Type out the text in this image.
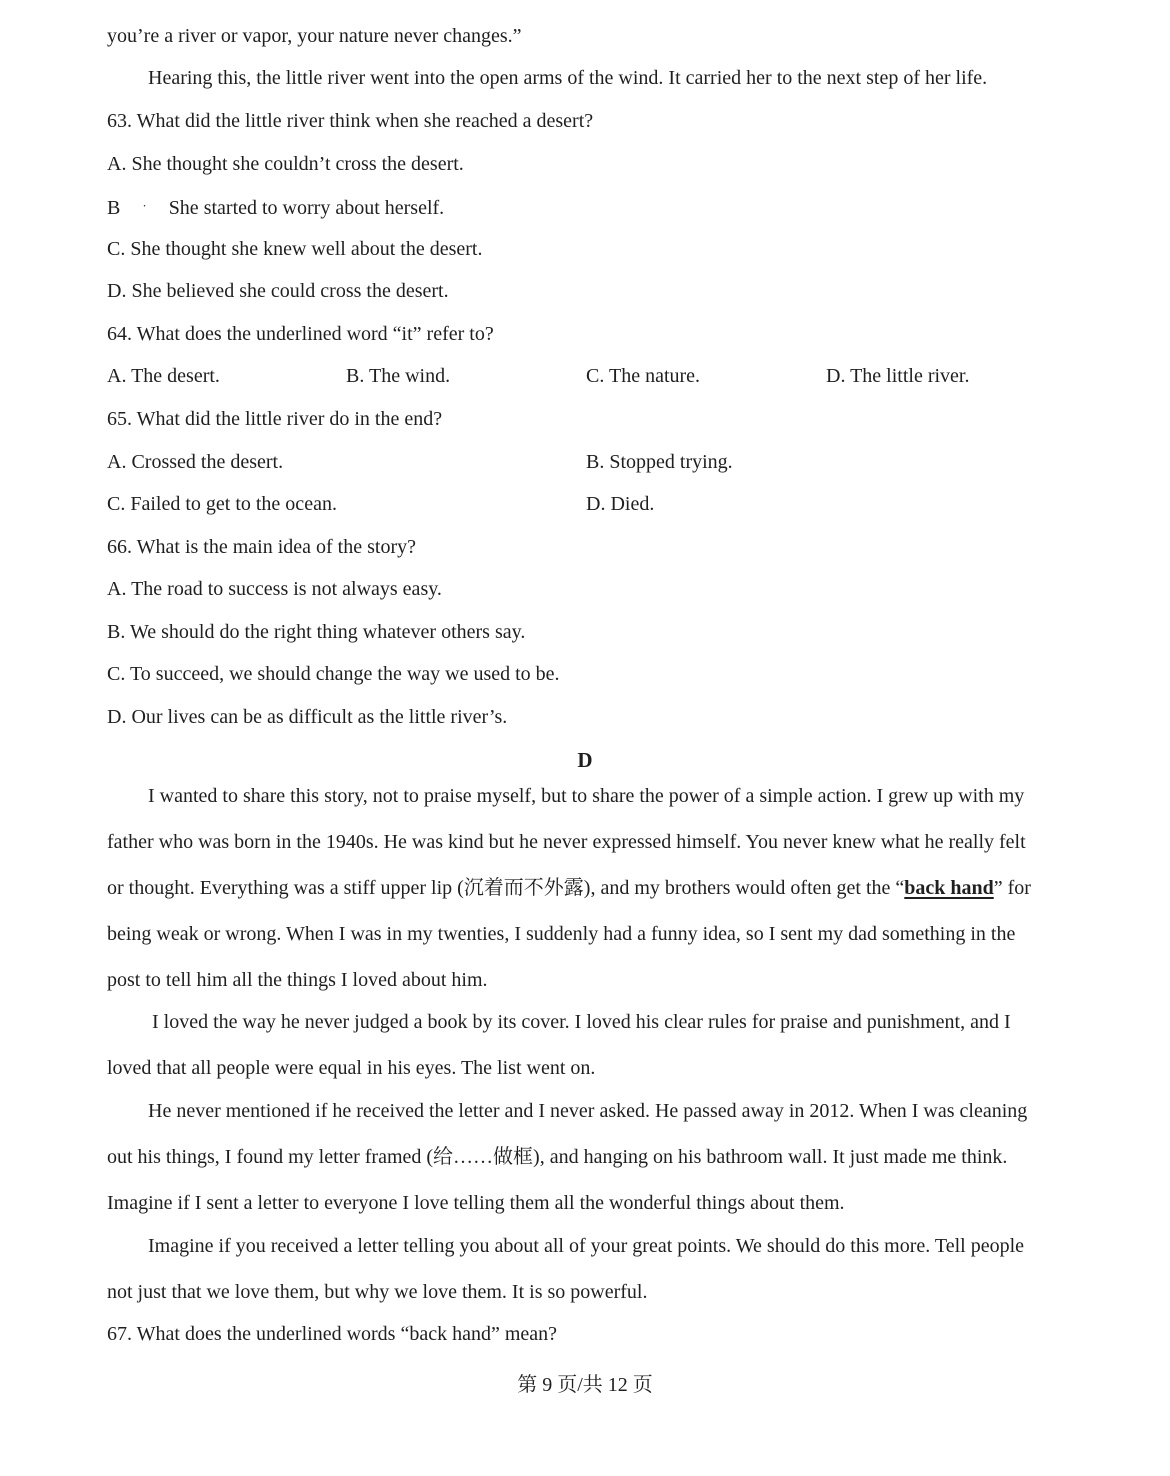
you’re a river or vapor, your nature never changes.”
Hearing this, the little river went into the open arms of the wind. It carried her to the next step of her life.
63. What did the little river think when she reached a desert?
A. She thought she couldn’t cross the desert.
B · She started to worry about herself.
C. She thought she knew well about the desert.
D. She believed she could cross the desert.
64. What does the underlined word “it” refer to?
A. The desert.	B. The wind.	C. The nature.	D. The little river.
65. What did the little river do in the end?
A. Crossed the desert.	B. Stopped trying.
C. Failed to get to the ocean.	D. Died.
66. What is the main idea of the story?
A. The road to success is not always easy.
B. We should do the right thing whatever others say.
C. To succeed, we should change the way we used to be.
D. Our lives can be as difficult as the little river’s.
D
I wanted to share this story, not to praise myself, but to share the power of a simple action. I grew up with my
father who was born in the 1940s. He was kind but he never expressed himself. You never knew what he really felt
or thought. Everything was a stiff upper lip (沉着而不外露), and my brothers would often get the “back hand” for
being weak or wrong. When I was in my twenties, I suddenly had a funny idea, so I sent my dad something in the
post to tell him all the things I loved about him.
I loved the way he never judged a book by its cover. I loved his clear rules for praise and punishment, and I
loved that all people were equal in his eyes. The list went on.
He never mentioned if he received the letter and I never asked. He passed away in 2012. When I was cleaning
out his things, I found my letter framed (给……做框), and hanging on his bathroom wall. It just made me think.
Imagine if I sent a letter to everyone I love telling them all the wonderful things about them.
Imagine if you received a letter telling you about all of your great points. We should do this more. Tell people
not just that we love them, but why we love them. It is so powerful.
67. What does the underlined words “back hand” mean?
第 9 页/共 12 页
